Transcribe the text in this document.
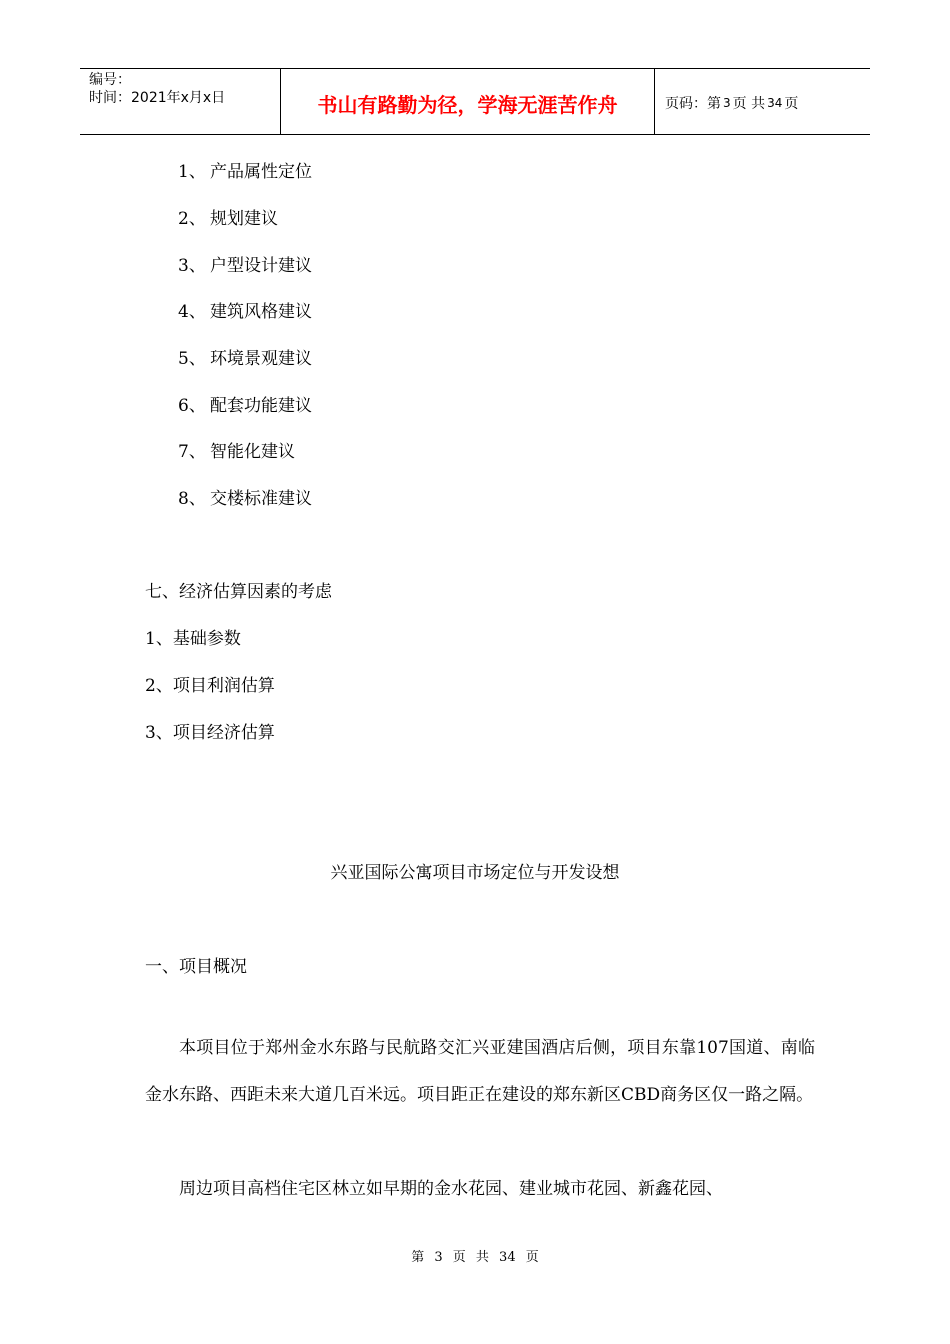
编号：
时间：2021年x月x日	书山有路勤为径，学海无涯苦作舟	页码：第 3 页 共 34 页
1、 产品属性定位
2、 规划建议
3、 户型设计建议
4、 建筑风格建议
5、 环境景观建议
6、 配套功能建议
7、 智能化建议
8、 交楼标准建议
七、经济估算因素的考虑
1、基础参数
2、项目利润估算
3、项目经济估算
兴亚国际公寓项目市场定位与开发设想
一、项目概况
本项目位于郑州金水东路与民航路交汇兴亚建国酒店后侧，项目东靠107国道、南临金水东路、西距未来大道几百米远。项目距正在建设的郑东新区CBD商务区仅一路之隔。
周边项目高档住宅区林立如早期的金水花园、建业城市花园、新鑫花园、
第 3 页 共 34 页
